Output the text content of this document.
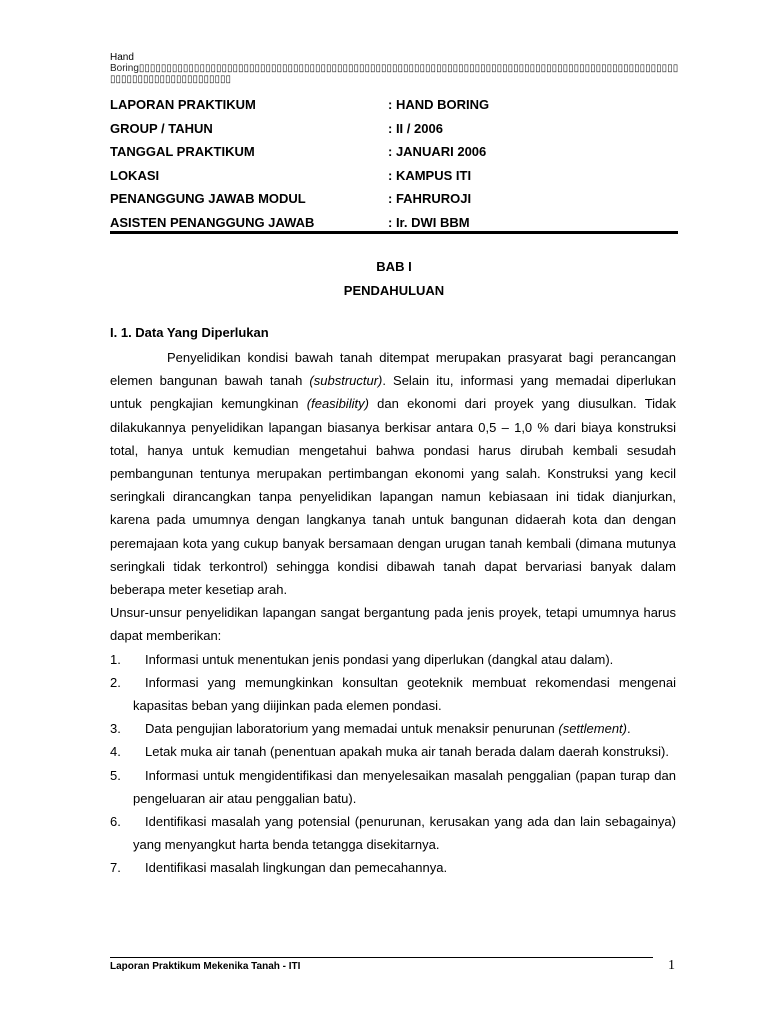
Hand
Boring▯▯▯▯▯▯▯▯▯▯▯▯▯▯▯▯▯▯▯▯▯▯▯▯▯▯▯▯▯▯▯▯▯▯▯▯▯▯▯▯▯▯▯▯▯▯▯▯▯▯▯▯▯▯▯▯▯▯▯▯▯▯▯▯▯▯▯▯▯▯▯▯▯▯▯▯▯▯▯▯▯▯▯▯▯▯▯▯▯▯▯▯▯▯▯▯▯▯▯▯▯▯▯▯▯▯▯▯▯▯▯▯▯▯▯▯▯▯▯▯
LAPORAN PRAKTIKUM	: HAND BORING
GROUP / TAHUN	: II / 2006
TANGGAL PRAKTIKUM	: JANUARI 2006
LOKASI	: KAMPUS ITI
PENANGGUNG JAWAB MODUL	: FAHRUROJI
ASISTEN PENANGGUNG JAWAB	: Ir. DWI BBM
BAB I
PENDAHULUAN
I. 1. Data Yang Diperlukan

Penyelidikan kondisi bawah tanah ditempat merupakan prasyarat bagi perancangan elemen bangunan bawah tanah (substructur). Selain itu, informasi yang memadai diperlukan untuk pengkajian kemungkinan (feasibility) dan ekonomi dari proyek yang diusulkan. Tidak dilakukannya penyelidikan lapangan biasanya berkisar antara 0,5 – 1,0 % dari biaya konstruksi total, hanya untuk kemudian mengetahui bahwa pondasi harus dirubah kembali sesudah pembangunan tentunya merupakan pertimbangan ekonomi yang salah. Konstruksi yang kecil seringkali dirancangkan tanpa penyelidikan lapangan namun kebiasaan ini tidak dianjurkan, karena pada umumnya dengan langkanya tanah untuk bangunan didaerah kota dan dengan peremajaan kota yang cukup banyak bersamaan dengan urugan tanah kembali (dimana mutunya seringkali tidak terkontrol) sehingga kondisi dibawah tanah dapat bervariasi banyak dalam beberapa meter kesetiap arah.

Unsur-unsur penyelidikan lapangan sangat bergantung pada jenis proyek, tetapi umumnya harus dapat memberikan:

1. Informasi untuk menentukan jenis pondasi yang diperlukan (dangkal atau dalam).
2. Informasi yang memungkinkan konsultan geoteknik membuat rekomendasi mengenai kapasitas beban yang diijinkan pada elemen pondasi.
3. Data pengujian laboratorium yang memadai untuk menaksir penurunan (settlement).
4. Letak muka air tanah (penentuan apakah muka air tanah berada dalam daerah konstruksi).
5. Informasi untuk mengidentifikasi dan menyelesaikan masalah penggalian (papan turap dan pengeluaran air atau penggalian batu).
6. Identifikasi masalah yang potensial (penurunan, kerusakan yang ada dan lain sebagainya) yang menyangkut harta benda tetangga disekitarnya.
7. Identifikasi masalah lingkungan dan pemecahannya.
Laporan Praktikum Mekenika Tanah - ITI	1
